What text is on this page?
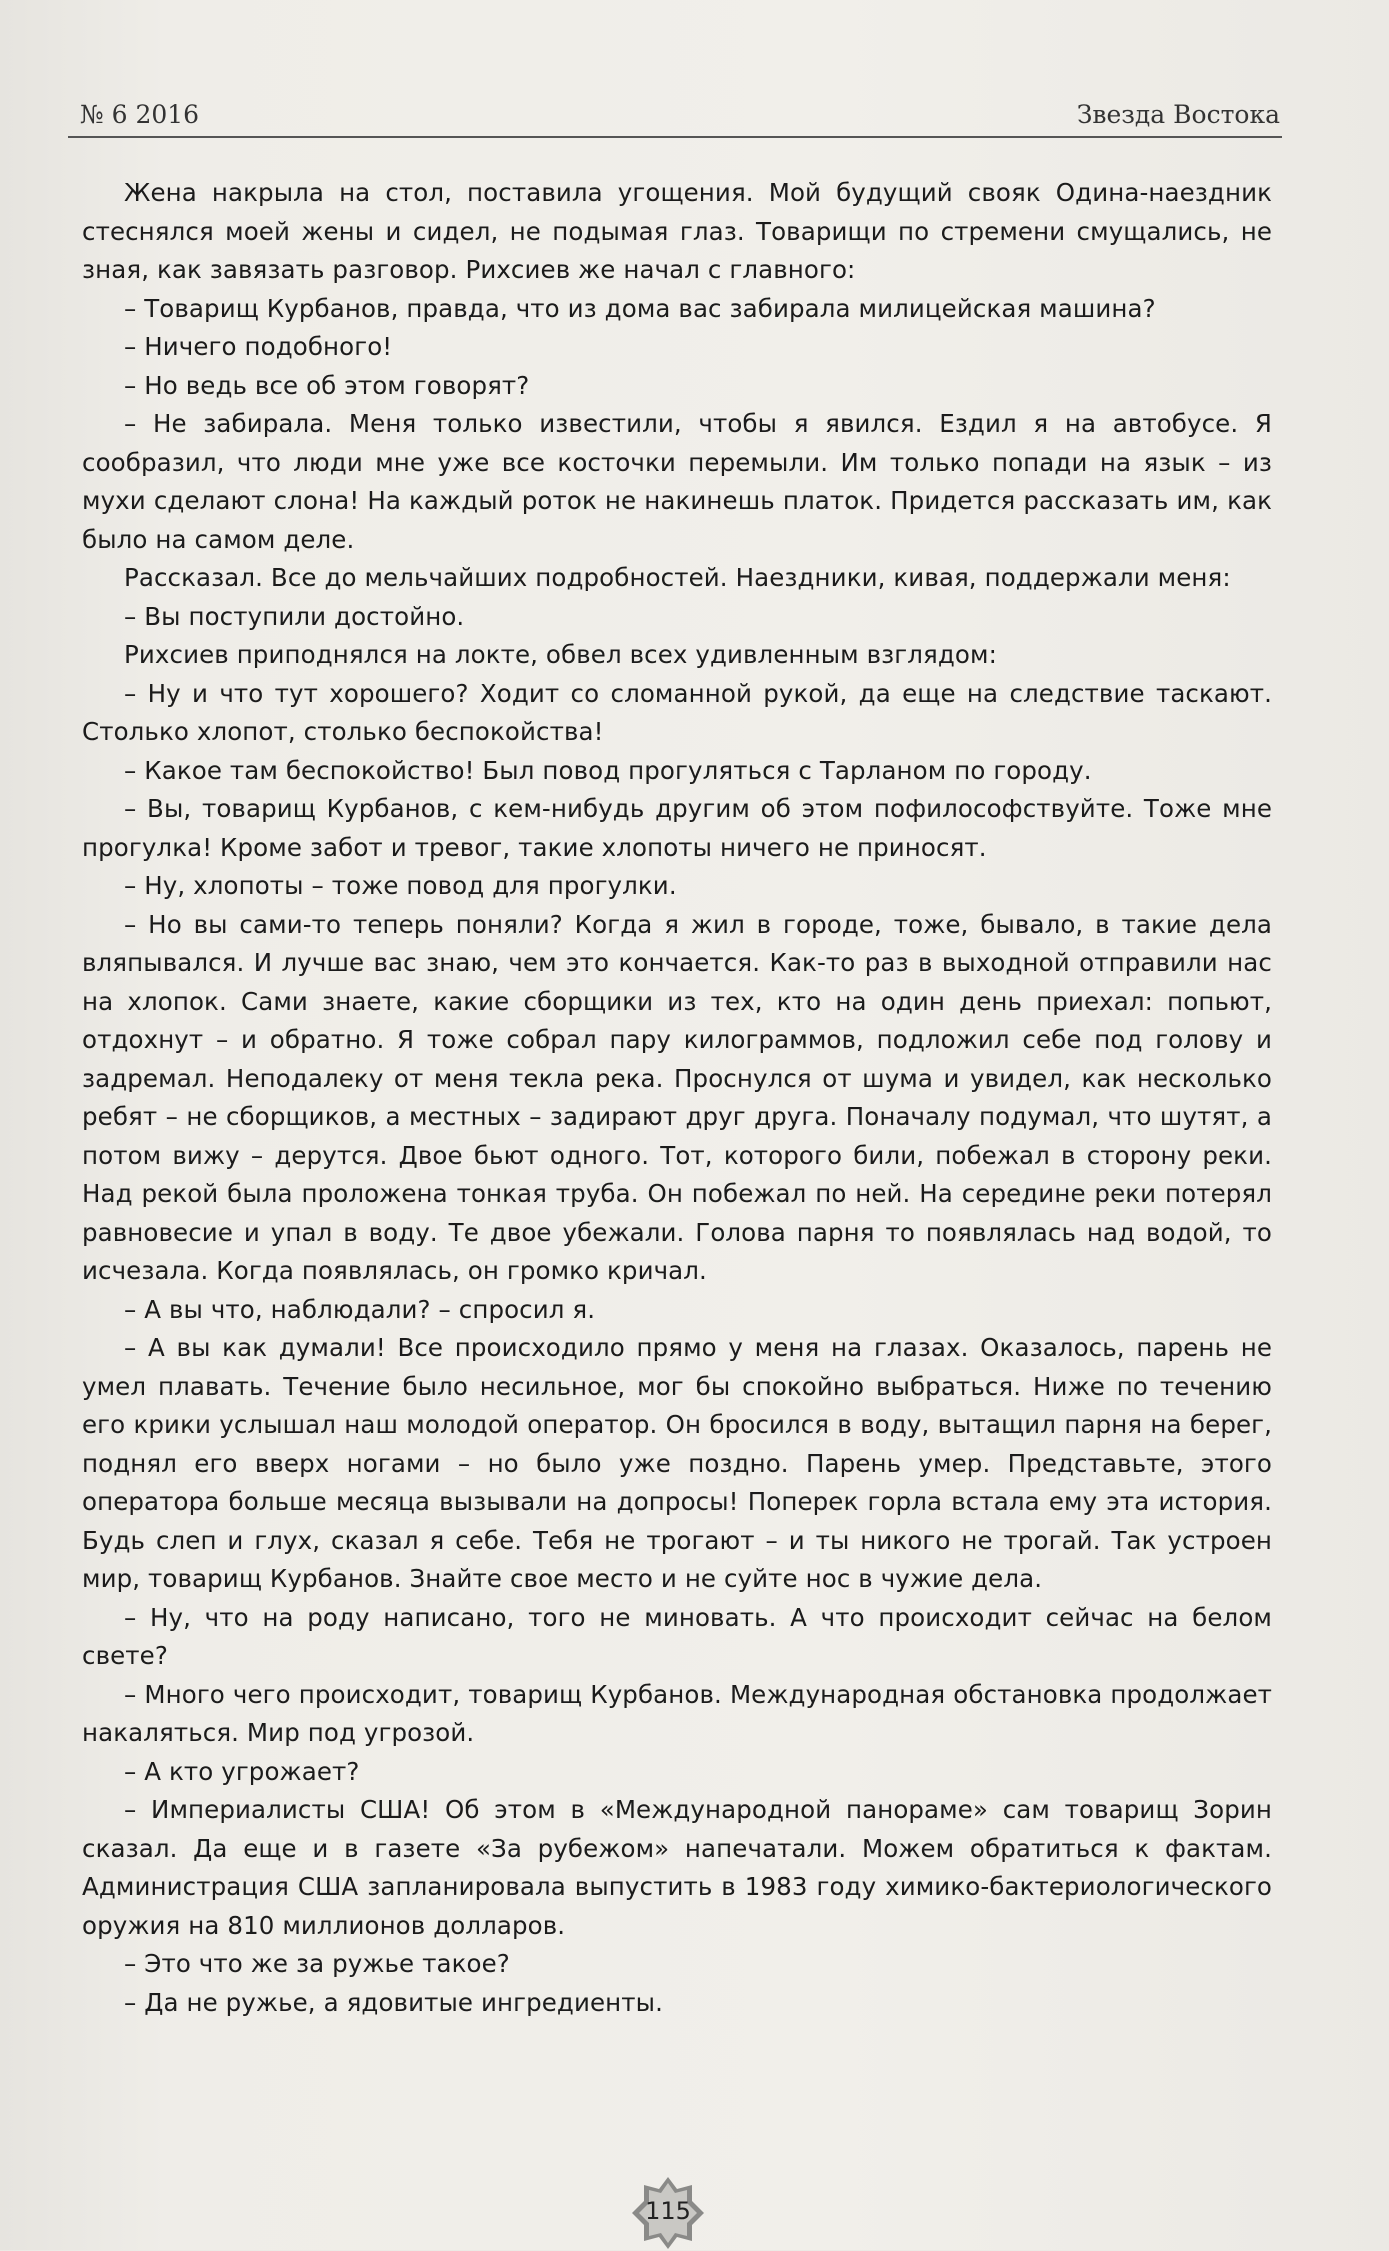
№ 6 2016	Звезда Востока

Жена накрыла на стол, поставила угощения. Мой будущий свояк Одина-наездник стеснялся моей жены и сидел, не подымая глаз. Товарищи по стремени смущались, не зная, как завязать разговор. Рихсиев же начал с главного:

– Товарищ Курбанов, правда, что из дома вас забирала милицейская машина?

– Ничего подобного!

– Но ведь все об этом говорят?

– Не забирала. Меня только известили, чтобы я явился. Ездил я на автобусе. Я сообразил, что люди мне уже все косточки перемыли. Им только попади на язык – из мухи сделают слона! На каждый роток не накинешь платок. Придется рассказать им, как было на самом деле.

Рассказал. Все до мельчайших подробностей. Наездники, кивая, поддержали меня:

– Вы поступили достойно.

Рихсиев приподнялся на локте, обвел всех удивленным взглядом:

– Ну и что тут хорошего? Ходит со сломанной рукой, да еще на следствие таскают. Столько хлопот, столько беспокойства!

– Какое там беспокойство! Был повод прогуляться с Тарланом по городу.

– Вы, товарищ Курбанов, с кем-нибудь другим об этом пофилософствуйте. Тоже мне прогулка! Кроме забот и тревог, такие хлопоты ничего не приносят.

– Ну, хлопоты – тоже повод для прогулки.

– Но вы сами-то теперь поняли? Когда я жил в городе, тоже, бывало, в такие дела вляпывался. И лучше вас знаю, чем это кончается. Как-то раз в выходной отправили нас на хлопок. Сами знаете, какие сборщики из тех, кто на один день приехал: попьют, отдохнут – и обратно. Я тоже собрал пару килограммов, подложил себе под голову и задремал. Неподалеку от меня текла река. Проснулся от шума и увидел, как несколько ребят – не сборщиков, а местных – задирают друг друга. Поначалу подумал, что шутят, а потом вижу – дерутся. Двое бьют одного. Тот, которого били, побежал в сторону реки. Над рекой была проложена тонкая труба. Он побежал по ней. На середине реки потерял равновесие и упал в воду. Те двое убежали. Голова парня то появлялась над водой, то исчезала. Когда появлялась, он громко кричал.

– А вы что, наблюдали? – спросил я.

– А вы как думали! Все происходило прямо у меня на глазах. Оказалось, парень не умел плавать. Течение было несильное, мог бы спокойно выбраться. Ниже по течению его крики услышал наш молодой оператор. Он бросился в воду, вытащил парня на берег, поднял его вверх ногами – но было уже поздно. Парень умер. Представьте, этого оператора больше месяца вызывали на допросы! Поперек горла встала ему эта история. Будь слеп и глух, сказал я себе. Тебя не трогают – и ты никого не трогай. Так устроен мир, товарищ Курбанов. Знайте свое место и не суйте нос в чужие дела.

– Ну, что на роду написано, того не миновать. А что происходит сейчас на белом свете?

– Много чего происходит, товарищ Курбанов. Международная обстановка продолжает накаляться. Мир под угрозой.

– А кто угрожает?

– Империалисты США! Об этом в «Международной панораме» сам товарищ Зорин сказал. Да еще и в газете «За рубежом» напечатали. Можем обратиться к фактам. Администрация США запланировала выпустить в 1983 году химико-бактериологического оружия на 810 миллионов долларов.

– Это что же за ружье такое?

– Да не ружье, а ядовитые ингредиенты.

115
